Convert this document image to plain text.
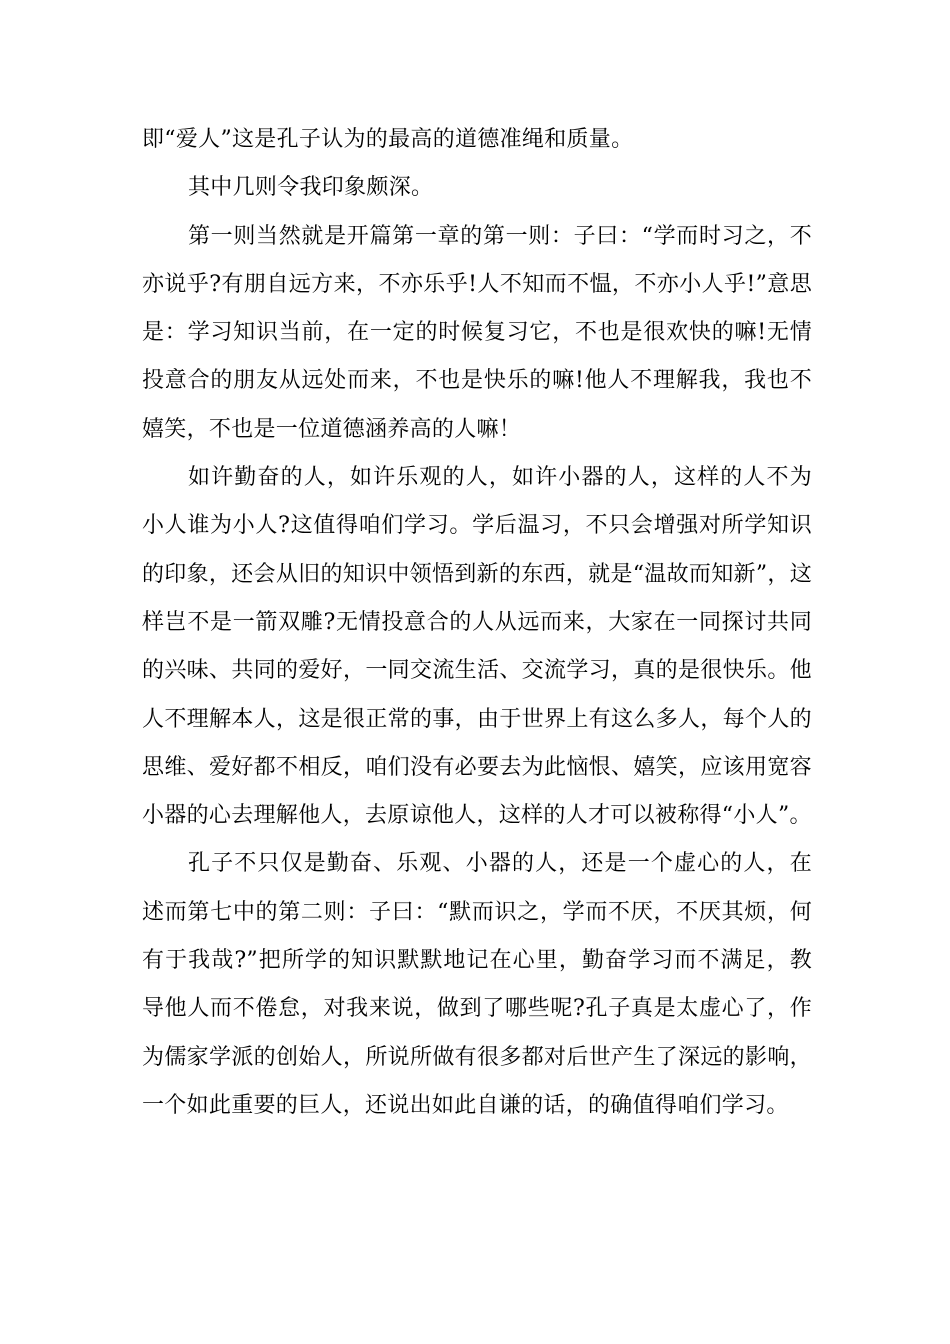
即“爱人”这是孔子认为的最高的道德准绳和质量。

其中几则令我印象颇深。

第一则当然就是开篇第一章的第一则：子曰：“学而时习之，不亦说乎?有朋自远方来，不亦乐乎!人不知而不愠，不亦小人乎!”意思是：学习知识当前，在一定的时候复习它，不也是很欢快的嘛!无情投意合的朋友从远处而来，不也是快乐的嘛!他人不理解我，我也不嬉笑，不也是一位道德涵养高的人嘛！

如许勤奋的人，如许乐观的人，如许小器的人，这样的人不为小人谁为小人?这值得咱们学习。学后温习，不只会增强对所学知识的印象，还会从旧的知识中领悟到新的东西，就是“温故而知新”，这样岂不是一箭双雕?无情投意合的人从远而来，大家在一同探讨共同的兴味、共同的爱好，一同交流生活、交流学习，真的是很快乐。他人不理解本人，这是很正常的事，由于世界上有这么多人，每个人的思维、爱好都不相反，咱们没有必要去为此恼恨、嬉笑，应该用宽容小器的心去理解他人，去原谅他人，这样的人才可以被称得“小人”。

孔子不只仅是勤奋、乐观、小器的人，还是一个虚心的人，在述而第七中的第二则：子曰：“默而识之，学而不厌，不厌其烦，何有于我哉?”把所学的知识默默地记在心里，勤奋学习而不满足，教导他人而不倦怠，对我来说，做到了哪些呢?孔子真是太虚心了，作为儒家学派的创始人，所说所做有很多都对后世产生了深远的影响，一个如此重要的巨人，还说出如此自谦的话，的确值得咱们学习。
